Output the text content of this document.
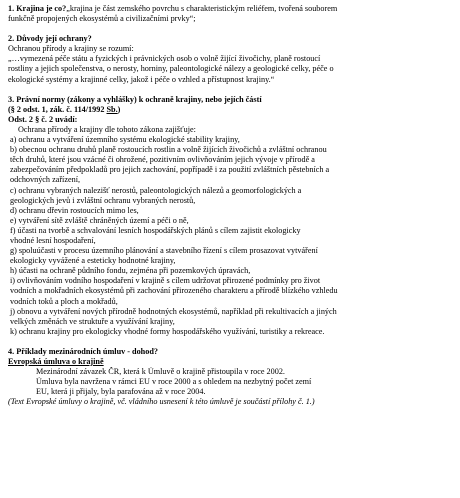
1. Krajina je co?„krajina je část zemského povrchu s charakteristickým reliéfem, tvořená souborem
funkčně propojených ekosystémů a civilizačními prvky“;
2. Důvody její ochrany?
Ochranou přírody a krajiny se rozumí:
„…vymezená péče státu a fyzických i právnických osob o volně žijící živočichy, planě rostoucí
rostliny a jejich společenstva, o nerosty, horniny, paleontologické nálezy a geologické celky, péče o
ekologické systémy a krajinné celky, jakož i péče o vzhled a přístupnost krajiny.“
3. Právní normy (zákony a vyhlášky) k ochraně krajiny, nebo jejích částí
(§ 2 odst. 1, zák. č. 114/1992 Sb.)
Odst. 2 § č. 2 uvádí:
Ochrana přírody a krajiny dle tohoto zákona zajišťuje:
a) ochranu a vytváření územního systému ekologické stability krajiny,
b) obecnou ochranu druhů planě rostoucích rostlin a volně žijících živočichů a zvláštní ochranou
těch druhů, které jsou vzácné či ohrožené, pozitivním ovlivňováním jejich vývoje v přírodě a
zabezpečováním předpokladů pro jejich zachování, popřípadě i za použití zvláštních pěstebních a
odchovných zařízení,
c) ochranu vybraných nalezišť nerostů, paleontologických nálezů a geomorfologických a
geologických jevů i zvláštní ochranu vybraných nerostů,
d) ochranu dřevin rostoucích mimo les,
e) vytváření sítě zvláště chráněných území a péči o ně,
f) účasti na tvorbě a schvalování lesních hospodářských plánů s cílem zajistit ekologicky
vhodné lesní hospodaření,
g) spoluúčasti v procesu územního plánování a stavebního řízení s cílem prosazovat vytváření
ekologicky vyvážené a esteticky hodnotné krajiny,
h) účasti na ochraně půdního fondu, zejména při pozemkových úpravách,
i) ovlivňováním vodního hospodaření v krajině s cílem udržovat přirozené podmínky pro život
vodních a mokřadních ekosystémů při zachování přirozeného charakteru a přírodě blízkého vzhledu
vodních toků a ploch a mokřadů,
j) obnovu a vytváření nových přírodně hodnotných ekosystémů, například při rekultivacích a jiných
velkých změnách ve struktuře a využívání krajiny,
k) ochranu krajiny pro ekologicky vhodné formy hospodářského využívání, turistiky a rekreace.
4. Příklady mezinárodních úmluv - dohod?
Evropská úmluva o krajině
Mezinárodní závazek ČR, která k Úmluvě o krajině přistoupila v roce 2002.
Úmluva byla navržena v rámci EU v roce 2000 a s ohledem na nezbytný počet zemí
EU, která ji přijaly, byla parafována až v roce 2004.
(Text Evropské úmluvy o krajině, vč. vládního usnesení k této úmluvě je součástí přílohy č. 1.)
